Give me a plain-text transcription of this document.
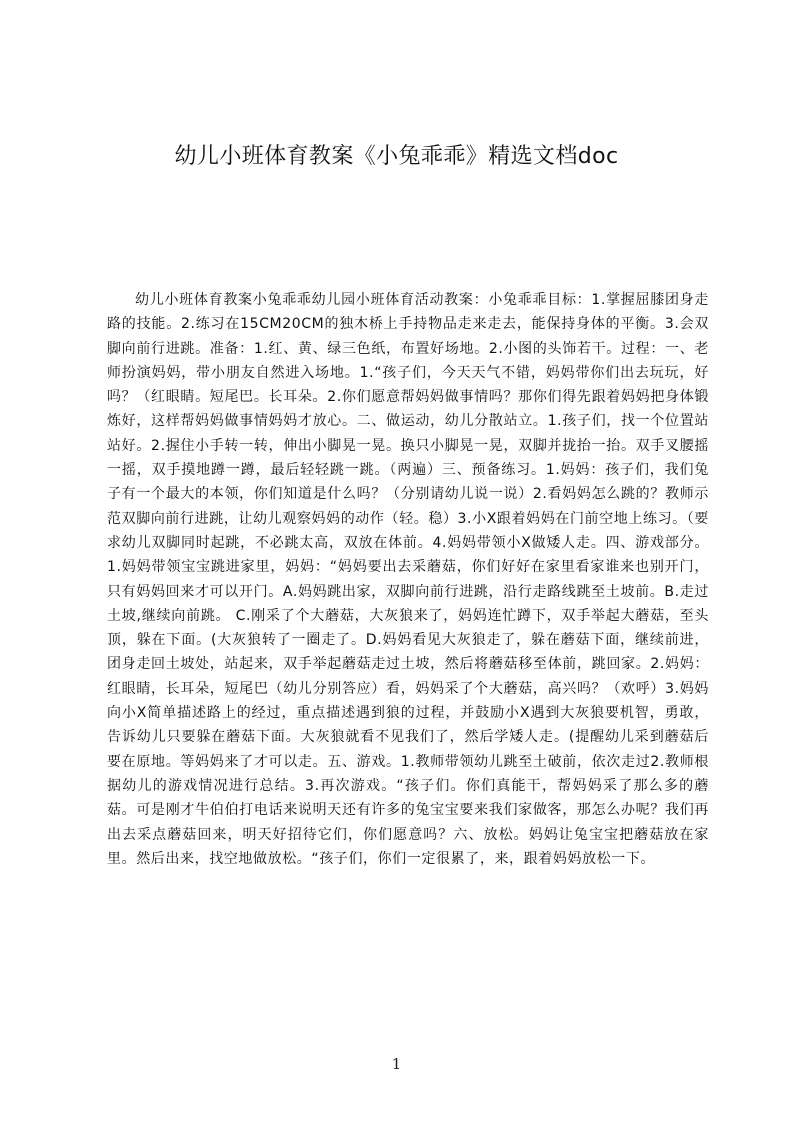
幼儿小班体育教案《小兔乖乖》精选文档doc

幼儿小班体育教案小兔乖乖幼儿园小班体育活动教案：小兔乖乖目标：1.掌握屈膝团身走路的技能。2.练习在15CM20CM的独木桥上手持物品走来走去，能保持身体的平衡。3.会双脚向前行进跳。准备：1.红、黄、绿三色纸，布置好场地。2.小图的头饰若干。过程：一、老师扮演妈妈，带小朋友自然进入场地。1.“孩子们，今天天气不错，妈妈带你们出去玩玩，好吗？（红眼睛。短尾巴。长耳朵。2.你们愿意帮妈妈做事情吗？那你们得先跟着妈妈把身体锻炼好，这样帮妈妈做事情妈妈才放心。二、做运动，幼儿分散站立。1.孩子们，找一个位置站站好。2.握住小手转一转，伸出小脚晃一晃。换只小脚晃一晃，双脚并拢抬一抬。双手叉腰摇一摇，双手摸地蹲一蹲，最后轻轻跳一跳。（两遍）三、预备练习。1.妈妈：孩子们，我们兔子有一个最大的本领，你们知道是什么吗？（分别请幼儿说一说）2.看妈妈怎么跳的？教师示范双脚向前行进跳，让幼儿观察妈妈的动作（轻。稳）3.小X跟着妈妈在门前空地上练习。（要求幼儿双脚同时起跳，不必跳太高，双放在体前。4.妈妈带领小X做矮人走。四、游戏部分。1.妈妈带领宝宝跳进家里，妈妈：“妈妈要出去采蘑菇，你们好好在家里看家谁来也别开门，只有妈妈回来才可以开门。A.妈妈跳出家，双脚向前行进跳，沿行走路线跳至土坡前。B.走过土坡,继续向前跳。 C.刚采了个大蘑菇，大灰狼来了，妈妈连忙蹲下，双手举起大蘑菇，至头顶，躲在下面。(大灰狼转了一圈走了。D.妈妈看见大灰狼走了，躲在蘑菇下面，继续前进，团身走回土坡处，站起来，双手举起蘑菇走过土坡，然后将蘑菇移至体前，跳回家。2.妈妈：红眼睛，长耳朵，短尾巴（幼儿分别答应）看，妈妈采了个大蘑菇，高兴吗？（欢呼）3.妈妈向小X简单描述路上的经过，重点描述遇到狼的过程，并鼓励小X遇到大灰狼要机智，勇敢，告诉幼儿只要躲在蘑菇下面。大灰狼就看不见我们了，然后学矮人走。(提醒幼儿采到蘑菇后要在原地。等妈妈来了才可以走。五、游戏。1.教师带领幼儿跳至土破前，依次走过2.教师根据幼儿的游戏情况进行总结。3.再次游戏。“孩子们。你们真能干，帮妈妈采了那么多的蘑菇。可是刚才牛伯伯打电话来说明天还有许多的兔宝宝要来我们家做客，那怎么办呢？我们再出去采点蘑菇回来，明天好招待它们，你们愿意吗？六、放松。妈妈让兔宝宝把蘑菇放在家里。然后出来，找空地做放松。“孩子们，你们一定很累了，来，跟着妈妈放松一下。

1
